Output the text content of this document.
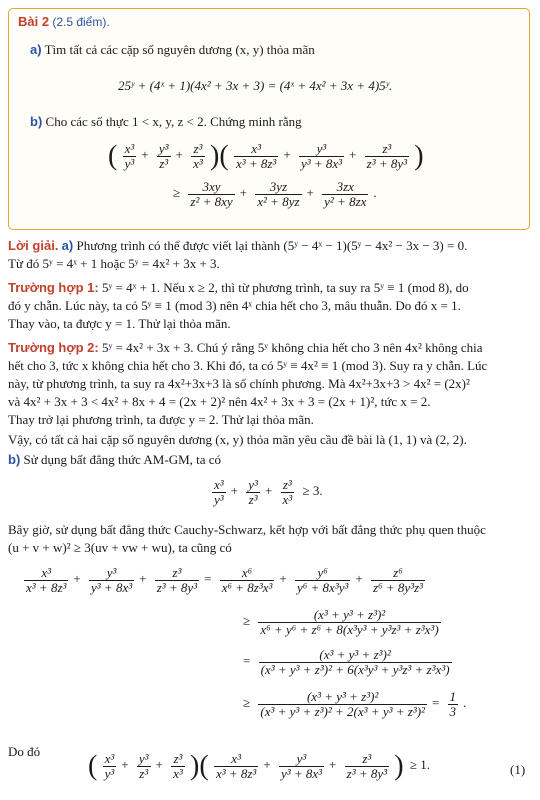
Bài 2 (2.5 điểm).
a) Tìm tất cả các cặp số nguyên dương (x, y) thỏa mãn
25ʸ + (4ˣ + 1)(4x² + 3x + 3) = (4ˣ + 4x² + 3x + 4)5ʸ.
b) Cho các số thực 1 < x, y, z < 2. Chứng minh rằng
( $\frac{\text{x³}}{\text{y³}} + \frac{\text{y³}}{\text{z³}} + \frac{\text{z³}}{\text{x³}}$ )( $\frac{\text{x³}}{\text{x³ + 8z³}} + \frac{\text{y³}}{\text{y³ + 8x³}} + \frac{\text{z³}}{\text{z³ + 8y³}}$ )
≥ $\frac{3xy}{\text{z² + 8xy}} + \frac{3yz}{\text{x² + 8yz}} + \frac{3zx}{\text{y² + 8zx}}$ .
Lời giải. a) Phương trình có thể được viết lại thành (5ʸ − 4ˣ − 1)(5ʸ − 4x² − 3x − 3) = 0.
Từ đó 5ʸ = 4ˣ + 1 hoặc 5ʸ = 4x² + 3x + 3.
Trường hợp 1: 5ʸ = 4ˣ + 1. Nếu x ≥ 2, thì từ phương trình, ta suy ra 5ʸ ≡ 1 (mod 8), do
đó y chẵn. Lúc này, ta có 5ʸ ≡ 1 (mod 3) nên 4ˣ chia hết cho 3, mâu thuẫn. Do đó x = 1.
Thay vào, ta được y = 1. Thử lại thỏa mãn.
Trường hợp 2: 5ʸ = 4x² + 3x + 3. Chú ý rằng 5ʸ không chia hết cho 3 nên 4x² không chia
hết cho 3, tức x không chia hết cho 3. Khi đó, ta có 5ʸ ≡ 4x² ≡ 1 (mod 3). Suy ra y chẵn. Lúc
này, từ phương trình, ta suy ra 4x²+3x+3 là số chính phương. Mà 4x²+3x+3 > 4x² = (2x)²
và 4x² + 3x + 3 < 4x² + 8x + 4 = (2x + 2)² nên 4x² + 3x + 3 = (2x + 1)², tức x = 2.
Thay trở lại phương trình, ta được y = 2. Thử lại thỏa mãn.
Vậy, có tất cả hai cặp số nguyên dương (x, y) thỏa mãn yêu cầu đề bài là (1, 1) và (2, 2).
b) Sử dụng bất đẳng thức AM-GM, ta có
$\frac{\text{x³}}{\text{y³}} + \frac{\text{y³}}{\text{z³}} + \frac{\text{z³}}{\text{x³}} \ge 3$.
Bây giờ, sử dụng bất đẳng thức Cauchy-Schwarz, kết hợp với bất đẳng thức phụ quen thuộc
(u + v + w)² ≥ 3(uv + vw + wu), ta cũng có
$\frac{\text{x³}}{\text{x³ + 8z³}} + \frac{\text{y³}}{\text{y³ + 8x³}} + \frac{\text{z³}}{\text{z³ + 8y³}} = \frac{\text{x⁶}}{\text{x⁶ + 8z³x³}} + \frac{\text{y⁶}}{\text{y⁶ + 8x³y³}} + \frac{\text{z⁶}}{\text{z⁶ + 8y³z³}}$
≥ $\frac{\text{(x³ + y³ + z³)²}}{\text{x⁶ + y⁶ + z⁶ + 8(x³y³ + y³z³ + z³x³)}}$
= $\frac{\text{(x³ + y³ + z³)²}}{\text{(x³ + y³ + z³)² + 6(x³y³ + y³z³ + z³x³)}}$
≥ $\frac{\text{(x³ + y³ + z³)²}}{\text{(x³ + y³ + z³)² + 2(x³ + y³ + z³)²}} = \frac{1}{3}$ .
Do đó ( $\frac{\text{x³}}{\text{y³}} + \frac{\text{y³}}{\text{z³}} + \frac{\text{z³}}{\text{x³}}$ )( $\frac{\text{x³}}{\text{x³ + 8z³}} + \frac{\text{y³}}{\text{y³ + 8x³}} + \frac{\text{z³}}{\text{z³ + 8y³}}$ ) ≥ 1.	(1)
